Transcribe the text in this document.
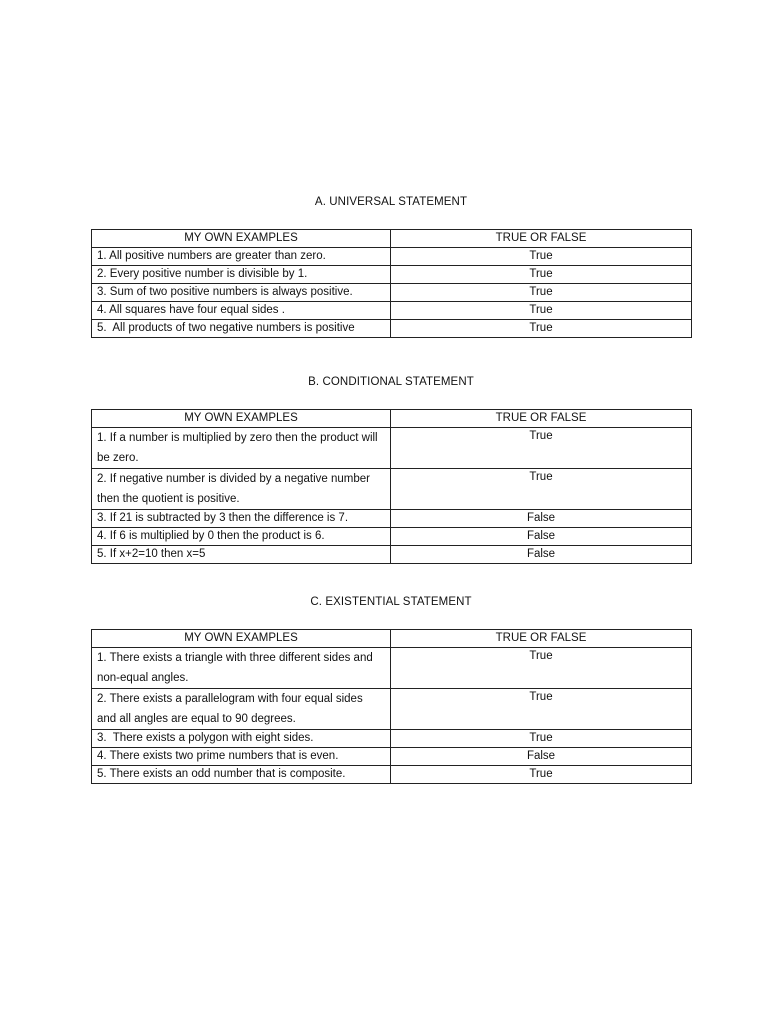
A. UNIVERSAL STATEMENT
MY OWN EXAMPLES	TRUE OR FALSE
1. All positive numbers are greater than zero.	True
2. Every positive number is divisible by 1.	True
3. Sum of two positive numbers is always positive.	True
4. All squares have four equal sides .	True
5.  All products of two negative numbers is positive	True
B. CONDITIONAL STATEMENT
MY OWN EXAMPLES	TRUE OR FALSE
1. If a number is multiplied by zero then the product will be zero.	True
2. If negative number is divided by a negative number then the quotient is positive.	True
3. If 21 is subtracted by 3 then the difference is 7.	False
4. If 6 is multiplied by 0 then the product is 6.	False
5. If x+2=10 then x=5	False
C. EXISTENTIAL STATEMENT
MY OWN EXAMPLES	TRUE OR FALSE
1. There exists a triangle with three different sides and non-equal angles.	True
2. There exists a parallelogram with four equal sides and all angles are equal to 90 degrees.	True
3.  There exists a polygon with eight sides.	True
4. There exists two prime numbers that is even.	False
5. There exists an odd number that is composite.	True
